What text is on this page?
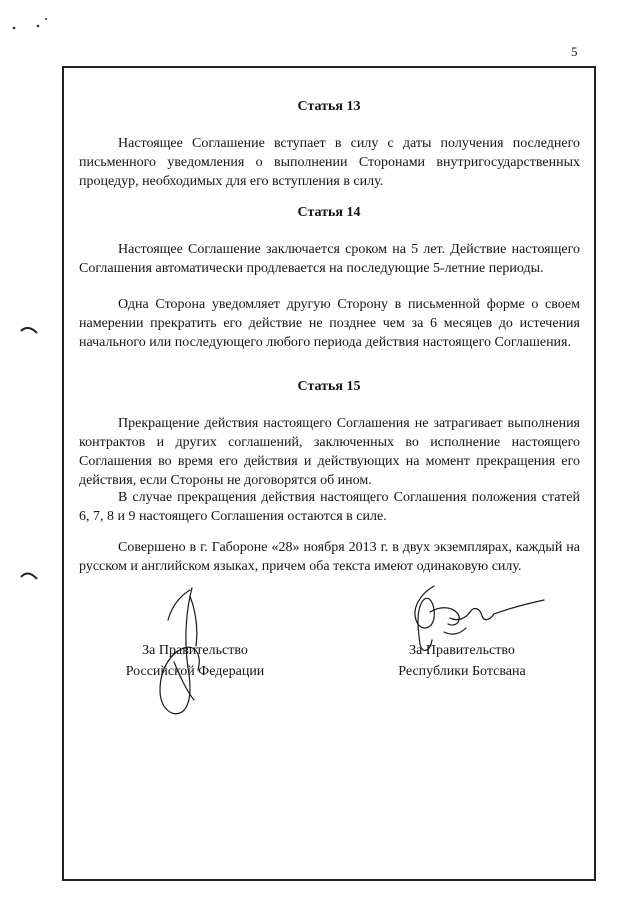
5
Статья 13
Настоящее Соглашение вступает в силу с даты получения последнего письменного уведомления о выполнении Сторонами внутригосударственных процедур, необходимых для его вступления в силу.
Статья 14
Настоящее Соглашение заключается сроком на 5 лет. Действие настоящего Соглашения автоматически продлевается на последующие 5-летние периоды.
Одна Сторона уведомляет другую Сторону в письменной форме о своем намерении прекратить его действие не позднее чем за 6 месяцев до истечения начального или последующего любого периода действия настоящего Соглашения.
Статья 15
Прекращение действия настоящего Соглашения не затрагивает выполнения контрактов и других соглашений, заключенных во исполнение настоящего Соглашения во время его действия и действующих на момент прекращения его действия, если Стороны не договорятся об ином.
В случае прекращения действия настоящего Соглашения положения статей 6, 7, 8 и 9 настоящего Соглашения остаются в силе.
Совершено в г. Габороне «28» ноября 2013 г. в двух экземплярах, каждый на русском и английском языках, причем оба текста имеют одинаковую силу.
За Правительство
Российской Федерации
За Правительство
Республики Ботсвана
